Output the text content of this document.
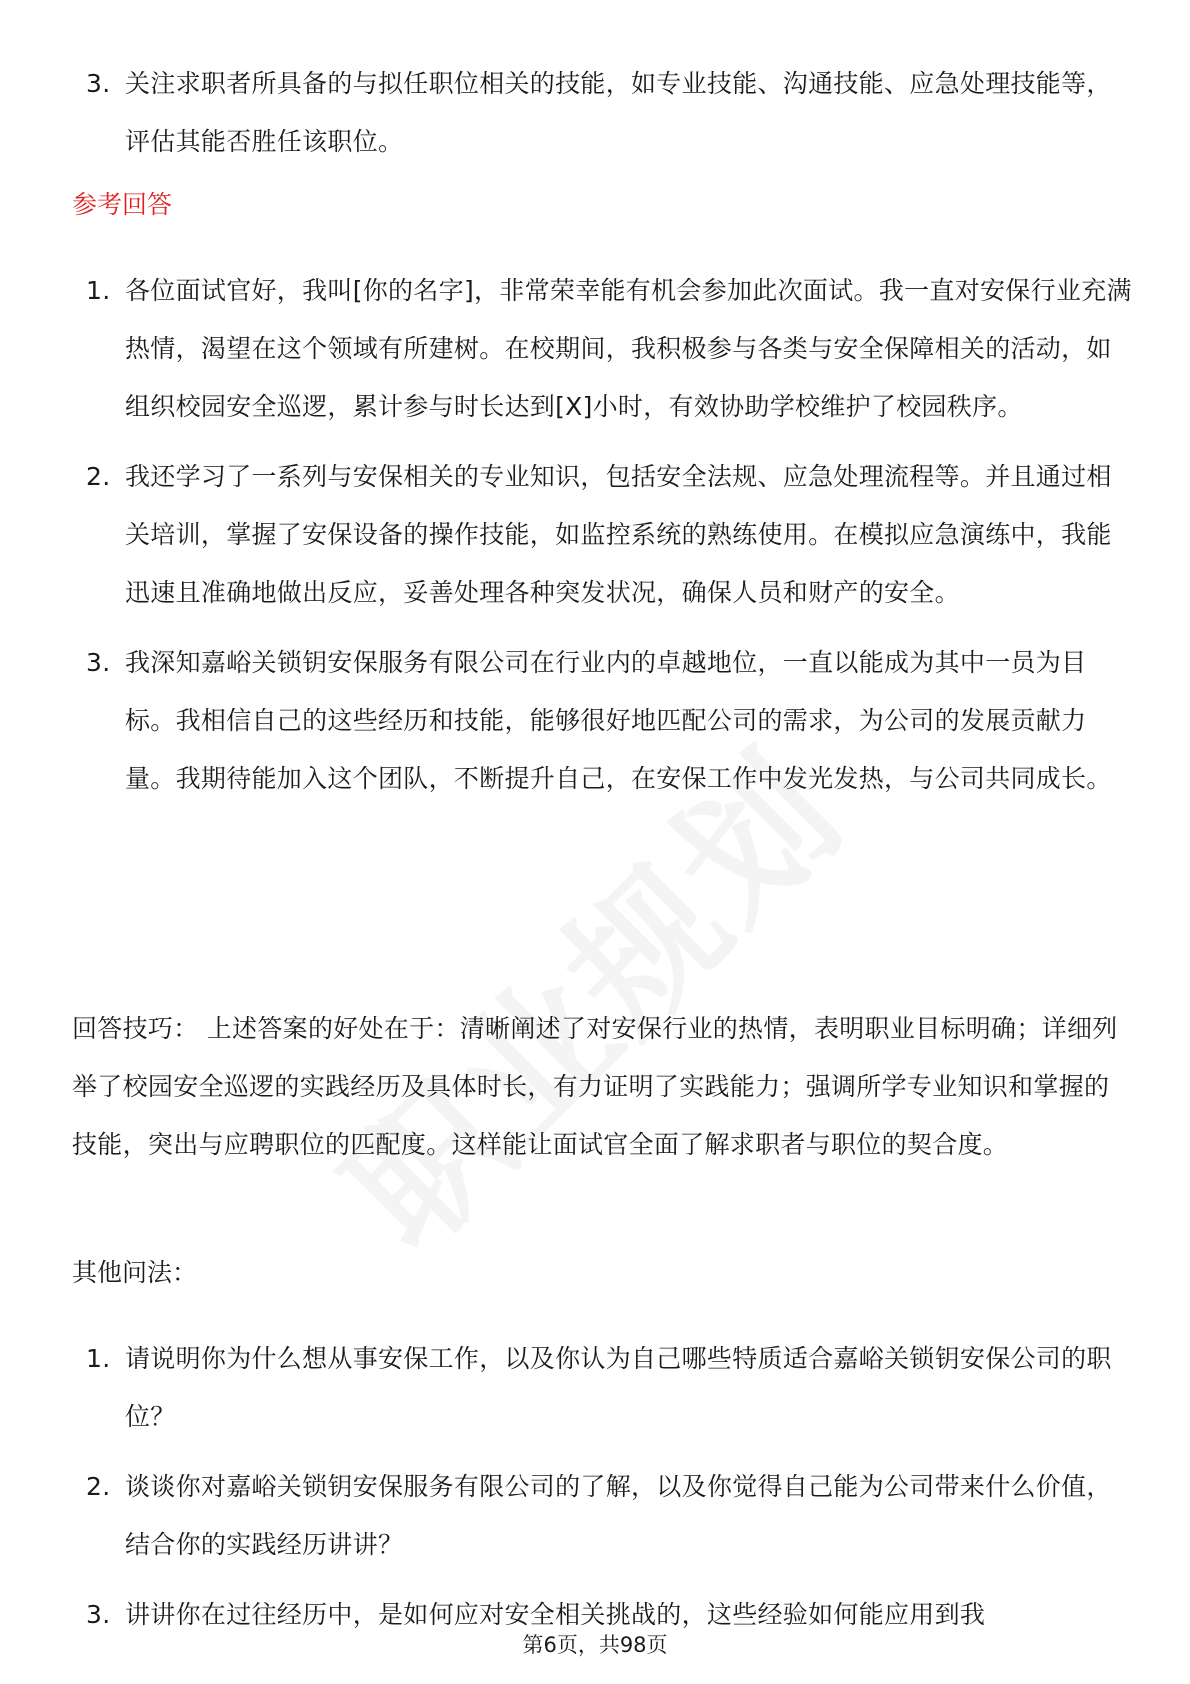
3. 关注求职者所具备的与拟任职位相关的技能，如专业技能、沟通技能、应急处理技能等，评估其能否胜任该职位。
参考回答
1. 各位面试官好，我叫[你的名字]，非常荣幸能有机会参加此次面试。我一直对安保行业充满热情，渴望在这个领域有所建树。在校期间，我积极参与各类与安全保障相关的活动，如组织校园安全巡逻，累计参与时长达到[X]小时，有效协助学校维护了校园秩序。
2. 我还学习了一系列与安保相关的专业知识，包括安全法规、应急处理流程等。并且通过相关培训，掌握了安保设备的操作技能，如监控系统的熟练使用。在模拟应急演练中，我能迅速且准确地做出反应，妥善处理各种突发状况，确保人员和财产的安全。
3. 我深知嘉峪关锁钥安保服务有限公司在行业内的卓越地位，一直以能成为其中一员为目标。我相信自己的这些经历和技能，能够很好地匹配公司的需求，为公司的发展贡献力量。我期待能加入这个团队，不断提升自己，在安保工作中发光发热，与公司共同成长。
回答技巧： 上述答案的好处在于：清晰阐述了对安保行业的热情，表明职业目标明确；详细列举了校园安全巡逻的实践经历及具体时长，有力证明了实践能力；强调所学专业知识和掌握的技能，突出与应聘职位的匹配度。这样能让面试官全面了解求职者与职位的契合度。
其他问法：
1. 请说明你为什么想从事安保工作，以及你认为自己哪些特质适合嘉峪关锁钥安保公司的职位？
2. 谈谈你对嘉峪关锁钥安保服务有限公司的了解，以及你觉得自己能为公司带来什么价值，结合你的实践经历讲讲？
3. 讲讲你在过往经历中，是如何应对安全相关挑战的，这些经验如何能应用到我
第6页，共98页
